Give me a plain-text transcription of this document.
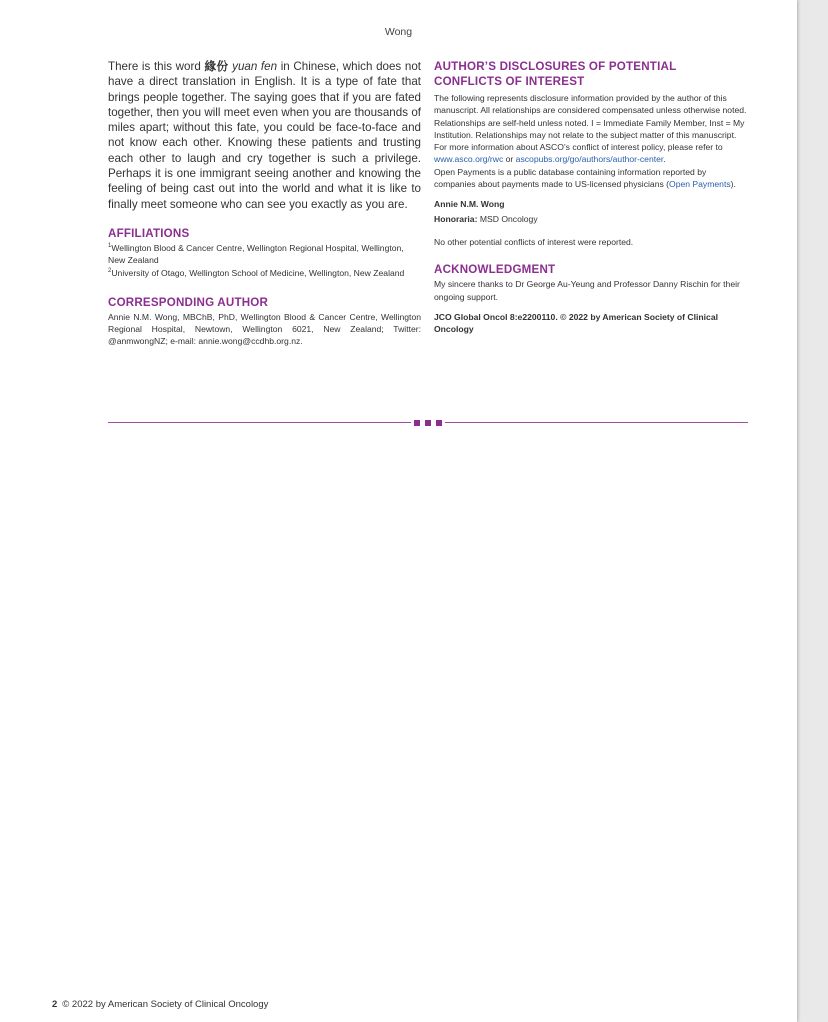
Wong

There is this word 緣份 yuan fen in Chinese, which does not have a direct translation in English. It is a type of fate that brings people together. The saying goes that if you are fated together, then you will meet even when you are thousands of miles apart; without this fate, you could be face-to-face and not know each other. Knowing these patients and trusting each other to laugh and cry together is such a privilege. Perhaps it is one immigrant seeing another and knowing the feeling of being cast out into the world and what it is like to finally meet someone who can see you exactly as you are.

AFFILIATIONS

$^1$Wellington Blood & Cancer Centre, Wellington Regional Hospital, Wellington, New Zealand

$^2$University of Otago, Wellington School of Medicine, Wellington, New Zealand

CORRESPONDING AUTHOR

Annie N.M. Wong, MBChB, PhD, Wellington Blood & Cancer Centre, Wellington Regional Hospital, Newtown, Wellington 6021, New Zealand; Twitter: @anmwongNZ; e-mail: annie.wong@ccdhb.org.nz.

AUTHOR’S DISCLOSURES OF POTENTIAL CONFLICTS OF INTEREST

The following represents disclosure information provided by the author of this manuscript. All relationships are considered compensated unless otherwise noted. Relationships are self-held unless noted. I = Immediate Family Member, Inst = My Institution. Relationships may not relate to the subject matter of this manuscript. For more information about ASCO’s conflict of interest policy, please refer to www.asco.org/rwc or ascopubs.org/go/authors/author-center.

Open Payments is a public database containing information reported by companies about payments made to US-licensed physicians (Open Payments).

Annie N.M. Wong

Honoraria: MSD Oncology

No other potential conflicts of interest were reported.

ACKNOWLEDGMENT

My sincere thanks to Dr George Au-Yeung and Professor Danny Rischin for their ongoing support.

JCO Global Oncol 8:e2200110. © 2022 by American Society of Clinical Oncology

2 © 2022 by American Society of Clinical Oncology
